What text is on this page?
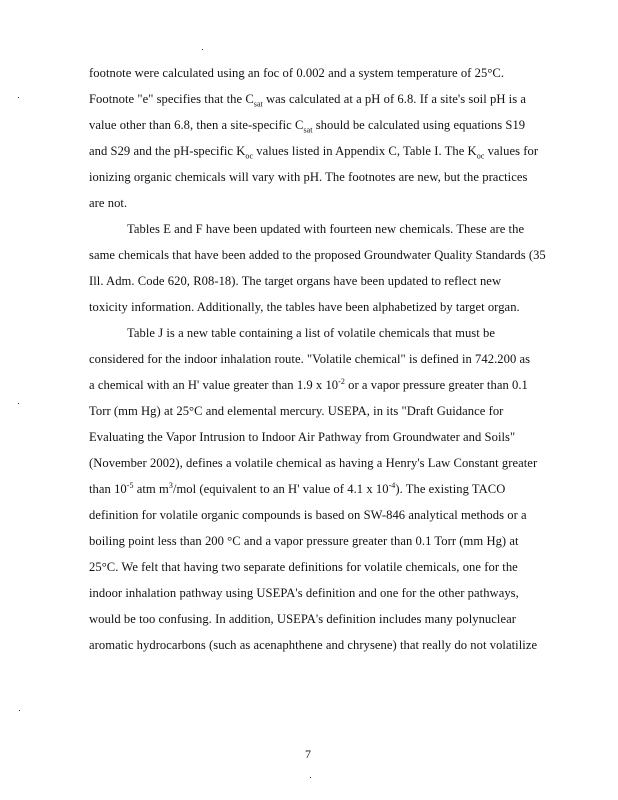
footnote were calculated using an foc of 0.002 and a system temperature of 25°C.
Footnote "e" specifies that the $C_{sat}$ was calculated at a pH of 6.8. If a site's soil pH is a
value other than 6.8, then a site-specific $C_{sat}$ should be calculated using equations S19
and S29 and the pH-specific $K_{oc}$ values listed in Appendix C, Table I. The $K_{oc}$ values for
ionizing organic chemicals will vary with pH. The footnotes are new, but the practices
are not.
Tables E and F have been updated with fourteen new chemicals. These are the
same chemicals that have been added to the proposed Groundwater Quality Standards (35
Ill. Adm. Code 620, R08-18). The target organs have been updated to reflect new
toxicity information. Additionally, the tables have been alphabetized by target organ.
Table J is a new table containing a list of volatile chemicals that must be
considered for the indoor inhalation route. "Volatile chemical" is defined in 742.200 as
a chemical with an H' value greater than 1.9 x $10^{-2}$ or a vapor pressure greater than 0.1
Torr (mm Hg) at 25°C and elemental mercury. USEPA, in its "Draft Guidance for
Evaluating the Vapor Intrusion to Indoor Air Pathway from Groundwater and Soils"
(November 2002), defines a volatile chemical as having a Henry's Law Constant greater
than $10^{-5}$ atm $m^3$/mol (equivalent to an H' value of 4.1 x $10^{-4}$). The existing TACO
definition for volatile organic compounds is based on SW-846 analytical methods or a
boiling point less than 200 °C and a vapor pressure greater than 0.1 Torr (mm Hg) at
25°C. We felt that having two separate definitions for volatile chemicals, one for the
indoor inhalation pathway using USEPA's definition and one for the other pathways,
would be too confusing. In addition, USEPA's definition includes many polynuclear
aromatic hydrocarbons (such as acenaphthene and chrysene) that really do not volatilize
7
